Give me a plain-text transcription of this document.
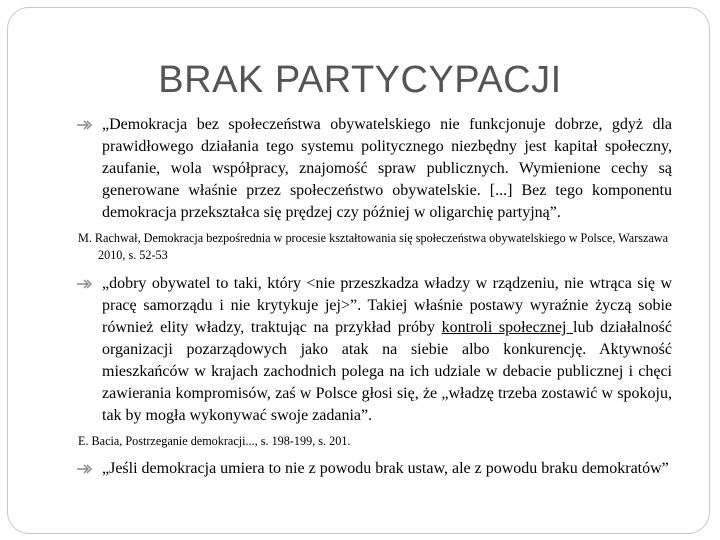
BRAK PARTYCYPACJI
„Demokracja bez społeczeństwa obywatelskiego nie funkcjonuje dobrze, gdyż dla prawidłowego działania tego systemu politycznego niezbędny jest kapitał społeczny, zaufanie, wola współpracy, znajomość spraw publicznych. Wymienione cechy są generowane właśnie przez społeczeństwo obywatelskie. [...] Bez tego komponentu demokracja przekształca się prędzej czy później w oligarchię partyjną”.
M. Rachwał, Demokracja bezpośrednia w procesie kształtowania się społeczeństwa obywatelskiego w Polsce, Warszawa 2010, s. 52-53
„dobry obywatel to taki, który <nie przeszkadza władzy w rządzeniu, nie wtrąca się w pracę samorządu i nie krytykuje jej>”. Takiej właśnie postawy wyraźnie życzą sobie również elity władzy, traktując na przykład próby kontroli społecznej lub działalność organizacji pozarządowych jako atak na siebie albo konkurencję. Aktywność mieszkańców w krajach zachodnich polega na ich udziale w debacie publicznej i chęci zawierania kompromisów, zaś w Polsce głosi się, że „władzę trzeba zostawić w spokoju, tak by mogła wykonywać swoje zadania”.
E. Bacia, Postrzeganie demokracji..., s. 198-199, s. 201.
„Jeśli demokracja umiera to nie z powodu brak ustaw, ale z powodu braku demokratów”
